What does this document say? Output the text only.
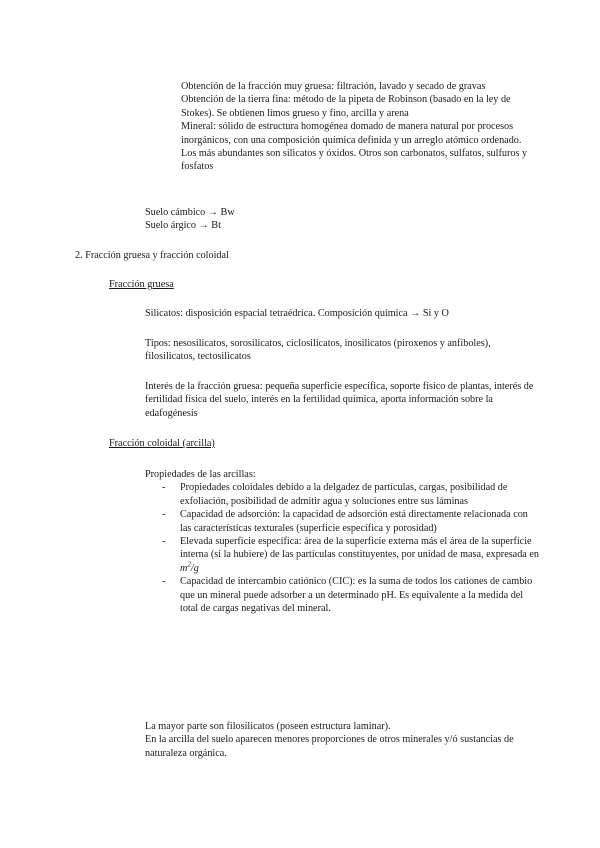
Obtención de la fracción muy gruesa: filtración, lavado y secado de gravas

Obtención de la tierra fina: método de la pipeta de Robinson (basado en la ley de Stokes). Se obtienen limos grueso y fino, arcilla y arena

Mineral: sólido de estructura homogénea domado de manera natural por procesos inorgánicos, con una composición química definida y un arreglo atómico ordenado. Los más abundantes son silicatos y óxidos. Otros son carbonatos, sulfatos, sulfuros y fosfatos

Suelo cámbico → Bw

Suelo árgico → Bt

2. Fracción gruesa y fracción coloidal
Fracción gruesa
Silicatos: disposición espacial tetraédrica. Composición química → Si y O
Tipos: nesosilicatos, sorosilicatos, ciclosilicatos, inosilicatos (piroxenos y anfíboles), filosilicatos, tectosilicatos
Interés de la fracción gruesa: pequeña superficie específica, soporte físico de plantas, interés de fertilidad física del suelo, interés en la fertilidad química, aporta información sobre la edafogénesis
Fracción coloidal (arcilla)

Propiedades de las arcillas:

- Propiedades coloidales debido a la delgadez de partículas, cargas, posibilidad de exfoliación, posibilidad de admitir agua y soluciones entre sus láminas
- Capacidad de adsorción: la capacidad de adsorción está directamente relacionada con las características texturales (superficie específica y porosidad)
- Elevada superficie específica: área de la superficie externa más el área de la superficie interna (si la hubiere) de las partículas constituyentes, por unidad de masa, expresada en $m^2/g$
- Capacidad de intercambio catiónico (CIC): es la suma de todos los cationes de cambio que un mineral puede adsorber a un determinado pH. Es equivalente a la medida del total de cargas negativas del mineral.

La mayor parte son filosilicatos (poseen estructura laminar).

En la arcilla del suelo aparecen menores proporciones de otros minerales y/ó sustancias de naturaleza orgánica.
